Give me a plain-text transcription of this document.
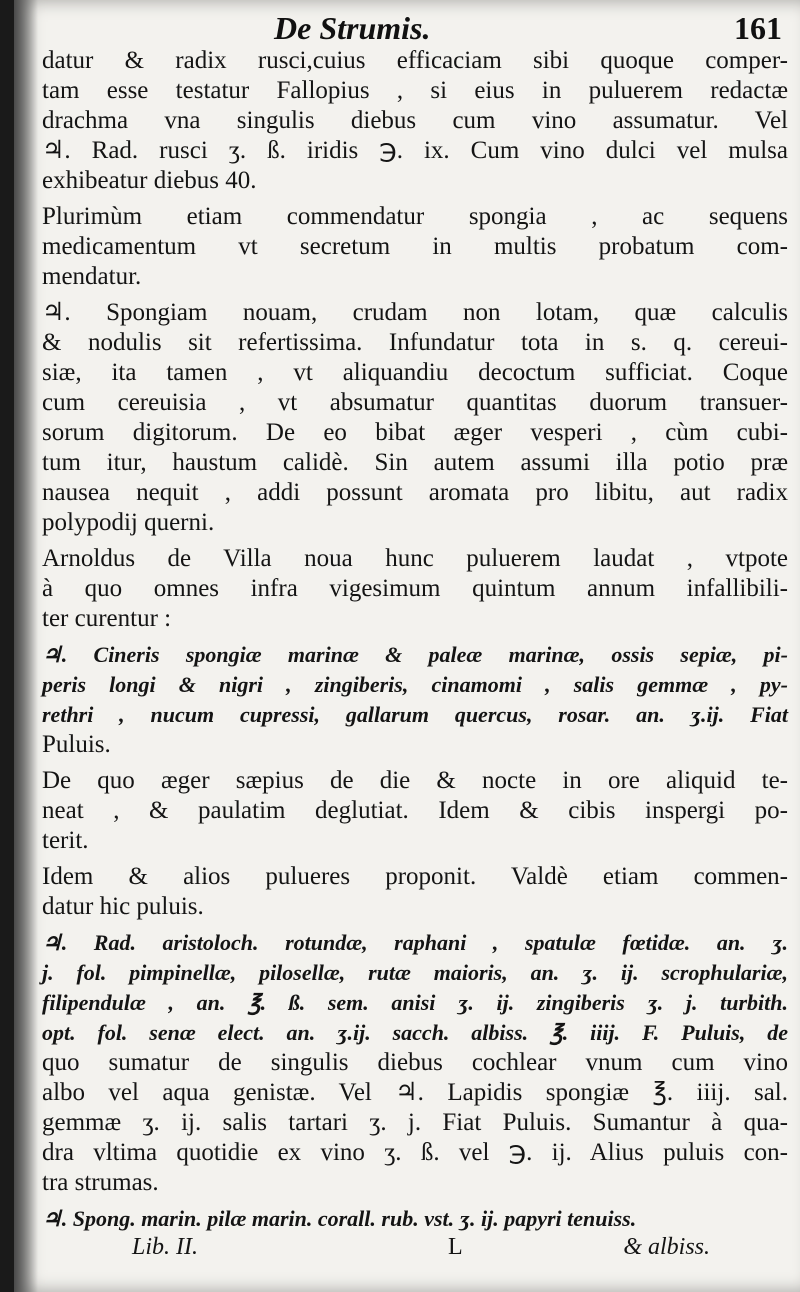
De Strumis.	161
datur & radix rusci,cuius efficaciam sibi quoque comper-
tam esse testatur Fallopius , si eius in puluerem redactæ
drachma vna singulis diebus cum vino assumatur. Vel
♃. Rad. rusci ʒ. ß. iridis ℈. ix. Cum vino dulci vel mulsa
exhibeatur diebus 40.
Plurimùm etiam commendatur spongia , ac sequens
medicamentum vt secretum in multis probatum com-
mendatur.
♃. Spongiam nouam, crudam non lotam, quæ calculis
& nodulis sit refertissima. Infundatur tota in s. q. cereui-
siæ, ita tamen , vt aliquandiu decoctum sufficiat. Coque
cum cereuisia , vt absumatur quantitas duorum transuer-
sorum digitorum. De eo bibat æger vesperi , cùm cubi-
tum itur, haustum calidè. Sin autem assumi illa potio præ
nausea nequit , addi possunt aromata pro libitu, aut radix
polypodij querni.
Arnoldus de Villa noua hunc puluerem laudat , vtpote
à quo omnes infra vigesimum quintum annum infallibili-
ter curentur :
♃. Cineris spongiæ marinæ & paleæ marinæ, ossis sepiæ, pi-
peris longi & nigri , zingiberis, cinamomi , salis gemmæ , py-
rethri , nucum cupressi, gallarum quercus, rosar. an. ʒ.ij. Fiat
Puluis.
De quo æger sæpius de die & nocte in ore aliquid te-
neat , & paulatim deglutiat. Idem & cibis inspergi po-
terit.
Idem & alios pulueres proponit. Valdè etiam commen-
datur hic puluis.
♃. Rad. aristoloch. rotundæ, raphani , spatulæ fœtidæ. an. ʒ.
j. fol. pimpinellæ, pilosellæ, rutæ maioris, an. ʒ. ij. scrophulariæ,
filipendulæ , an. ℥. ß. sem. anisi ʒ. ij. zingiberis ʒ. j. turbith.
opt. fol. senæ elect. an. ʒ.ij. sacch. albiss. ℥. iiij. F. Puluis, de
quo sumatur de singulis diebus cochlear vnum cum vino
albo vel aqua genistæ. Vel ♃. Lapidis spongiæ ℥. iiij. sal.
gemmæ ʒ. ij. salis tartari ʒ. j. Fiat Puluis. Sumantur à qua-
dra vltima quotidie ex vino ʒ. ß. vel ℈. ij. Alius puluis con-
tra strumas.
♃. Spong. marin. pilæ marin. corall. rub. vst. ʒ. ij. papyri tenuiss.
Lib. II.	L	& albiss.
